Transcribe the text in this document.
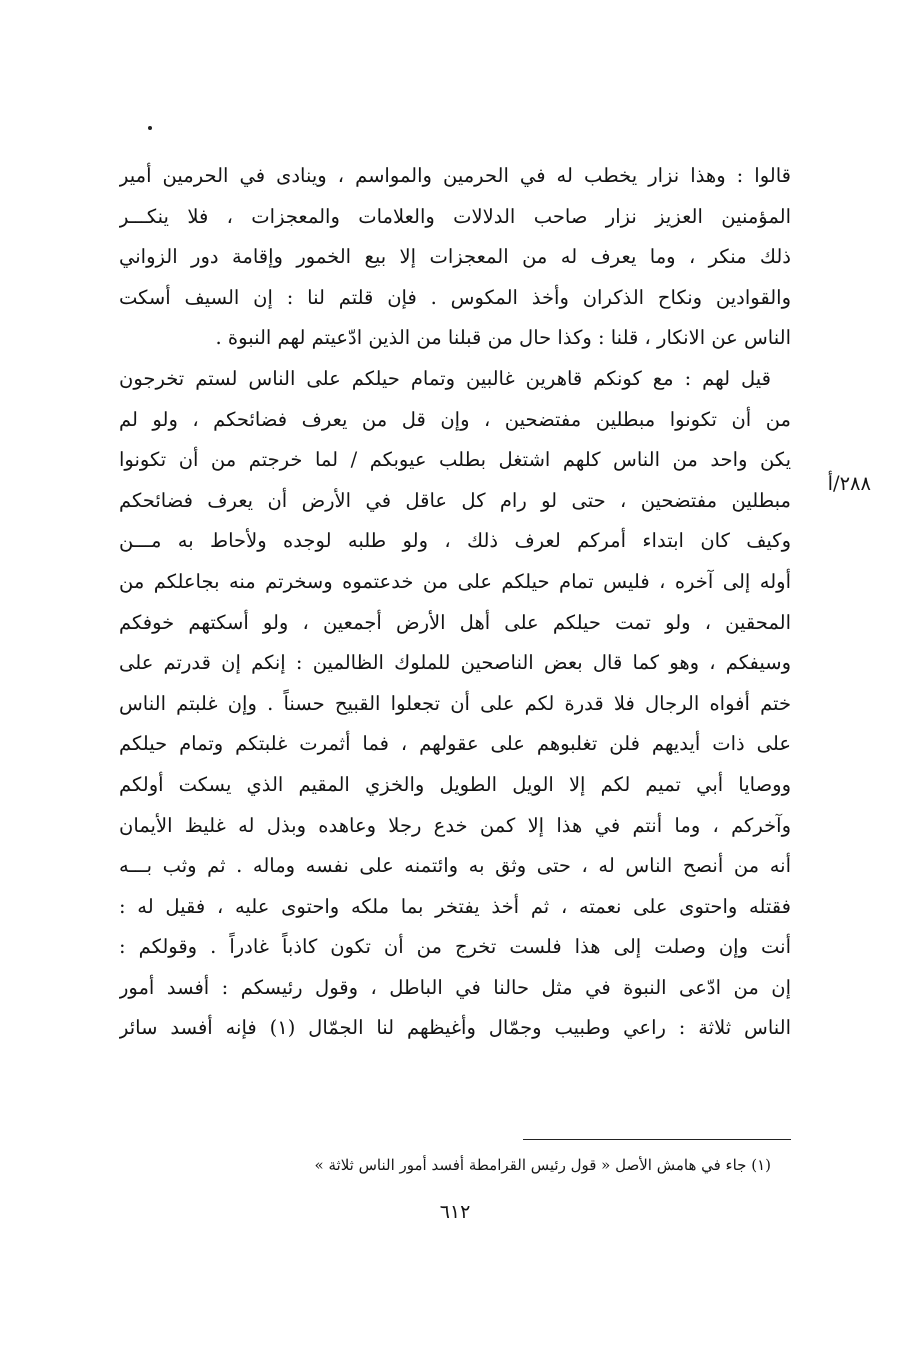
٢٨٨/أ
قالوا : وهذا نزار يخطب له في الحرمين والمواسم ، وينادى في الحرمين أمير
المؤمنين العزيز نزار صاحب الدلالات والعلامات والمعجزات ، فلا ينكـــر
ذلك منكر ، وما يعرف له من المعجزات إلا بيع الخمور وإقامة دور الزواني
والقوادين ونكاح الذكران وأخذ المكوس . فإن قلتم لنا : إن السيف أسكت
الناس عن الانكار ، قلنا : وكذا حال من قبلنا من الذين ادّعيتم لهم النبوة .
قيل لهم : مع كونكم قاهرين غالبين وتمام حيلكم على الناس لستم تخرجون
من أن تكونوا مبطلين مفتضحين ، وإن قل من يعرف فضائحكم ، ولو لم
يكن واحد من الناس كلهم اشتغل بطلب عيوبكم / لما خرجتم من أن تكونوا
مبطلين مفتضحين ، حتى لو رام كل عاقل في الأرض أن يعرف فضائحكم
وكيف كان ابتداء أمركم لعرف ذلك ، ولو طلبه لوجده ولأحاط به مـــن
أوله إلى آخره ، فليس تمام حيلكم على من خدعتموه وسخرتم منه بجاعلكم من
المحقين ، ولو تمت حيلكم على أهل الأرض أجمعين ، ولو أسكتهم خوفكم
وسيفكم ، وهو كما قال بعض الناصحين للملوك الظالمين : إنكم إن قدرتم على
ختم أفواه الرجال فلا قدرة لكم على أن تجعلوا القبيح حسناً . وإن غلبتم الناس
على ذات أيديهم فلن تغلبوهم على عقولهم ، فما أثمرت غلبتكم وتمام حيلكم
ووصايا أبي تميم لكم إلا الويل الطويل والخزي المقيم الذي يسكت أولكم
وآخركم ، وما أنتم في هذا إلا كمن خدع رجلا وعاهده وبذل له غليظ الأيمان
أنه من أنصح الناس له ، حتى وثق به وائتمنه على نفسه وماله . ثم وثب بـــه
فقتله واحتوى على نعمته ، ثم أخذ يفتخر بما ملكه واحتوى عليه ، فقيل له :
أنت وإن وصلت إلى هذا فلست تخرج من أن تكون كاذباً غادراً . وقولكم :
إن من ادّعى النبوة في مثل حالنا في الباطل ، وقول رئيسكم : أفسد أمور
الناس ثلاثة : راعي وطبيب وجمّال وأغيظهم لنا الجمّال (١) فإنه أفسد سائر
(١) جاء في هامش الأصل « قول رئيس القرامطة أفسد أمور الناس ثلاثة »
٦١٢
